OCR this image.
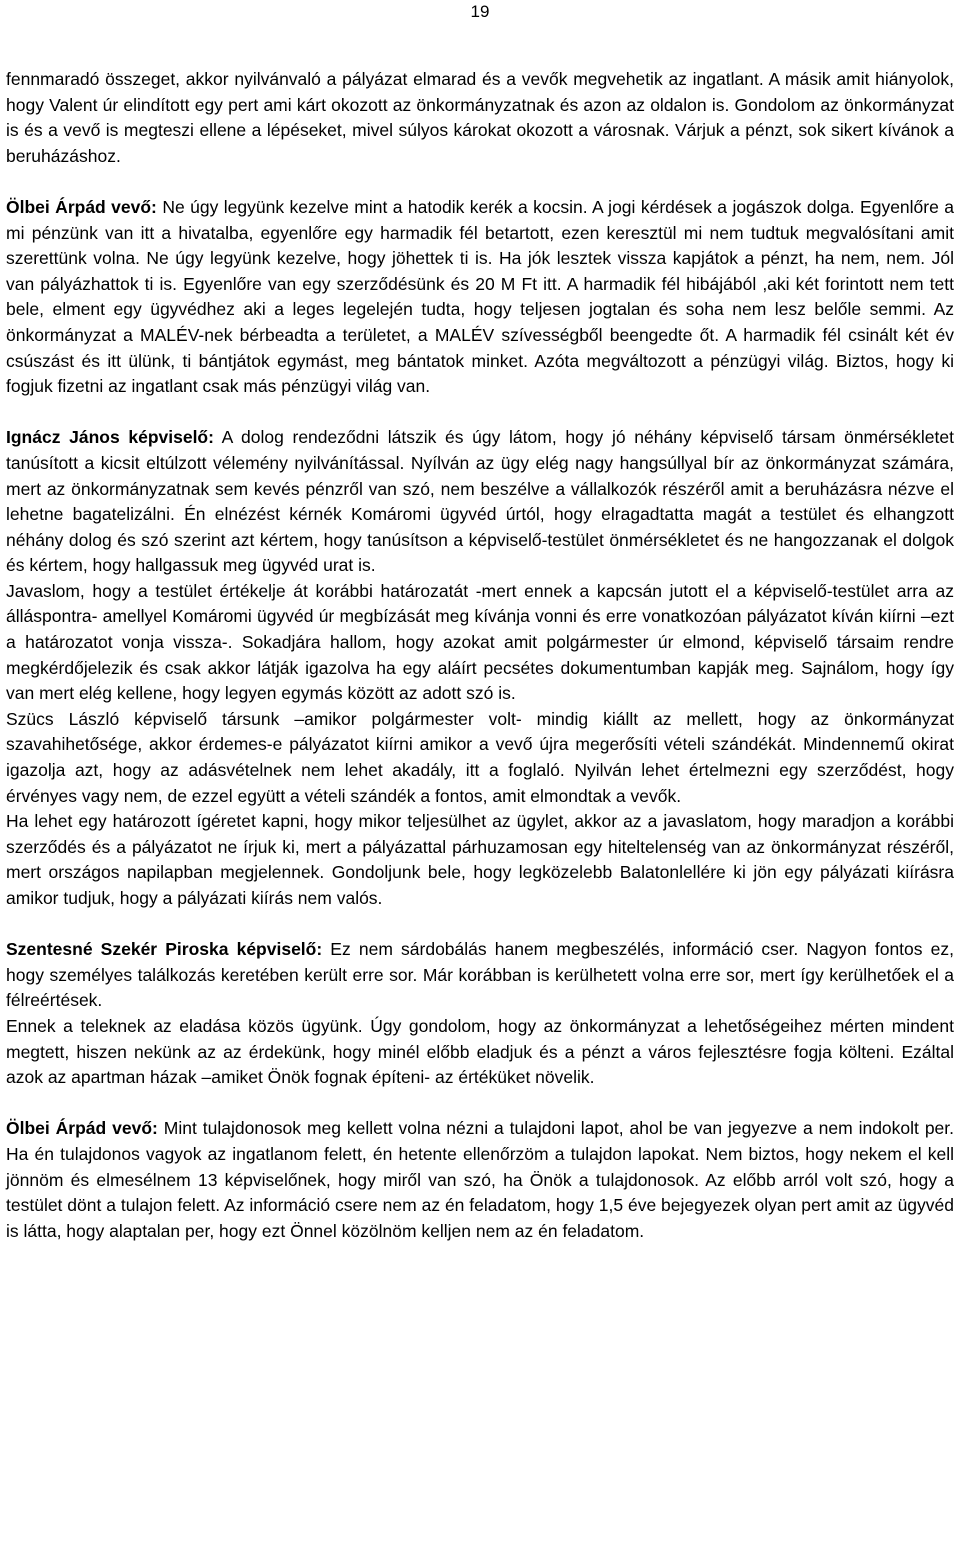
19

fennmaradó összeget, akkor nyilvánvaló a pályázat elmarad és a vevők megvehetik az ingatlant. A másik amit hiányolok, hogy Valent úr elindított egy pert ami kárt okozott az önkormányzatnak és azon az oldalon is. Gondolom az önkormányzat is és a vevő is megteszi ellene a lépéseket, mivel súlyos károkat okozott a városnak. Várjuk a pénzt, sok sikert kívánok a beruházáshoz.

Ölbei Árpád vevő: Ne úgy legyünk kezelve mint a hatodik kerék a kocsin. A jogi kérdések a jogászok dolga. Egyenlőre a mi pénzünk van itt a hivatalba, egyenlőre egy harmadik fél betartott, ezen keresztül mi nem tudtuk megvalósítani amit szerettünk volna. Ne úgy legyünk kezelve, hogy jöhettek ti is. Ha jók lesztek vissza kapjátok a pénzt, ha nem, nem. Jól van pályázhattok ti is. Egyenlőre van egy szerződésünk és 20 M Ft itt. A harmadik fél hibájából ,aki két forintott nem tett bele, elment egy ügyvédhez aki a leges legelején tudta, hogy teljesen jogtalan és soha nem lesz belőle semmi. Az önkormányzat a MALÉV-nek bérbeadta a területet, a MALÉV szívességből beengedte őt. A harmadik fél csinált két év csúszást és itt ülünk, ti bántjátok egymást, meg bántatok minket. Azóta megváltozott a pénzügyi világ. Biztos, hogy ki fogjuk fizetni az ingatlant csak más pénzügyi világ van.

Ignácz János képviselő: A dolog rendeződni látszik és úgy látom, hogy jó néhány képviselő társam önmérsékletet tanúsított a kicsit eltúlzott vélemény nyilvánítással. Nyílván az ügy elég nagy hangsúllyal bír az önkormányzat számára, mert az önkormányzatnak sem kevés pénzről van szó, nem beszélve a vállalkozók részéről amit a beruházásra nézve el lehetne bagatelizálni. Én elnézést kérnék Komáromi ügyvéd úrtól, hogy elragadtatta magát a testület és elhangzott néhány dolog és szó szerint azt kértem, hogy tanúsítson a képviselő-testület önmérsékletet és ne hangozzanak el dolgok és kértem, hogy hallgassuk meg ügyvéd urat is.

Javaslom, hogy a testület értékelje át korábbi határozatát -mert ennek a kapcsán jutott el a képviselő-testület arra az álláspontra- amellyel Komáromi ügyvéd úr megbízását meg kívánja vonni és erre vonatkozóan pályázatot kíván kiírni –ezt a határozatot vonja vissza-. Sokadjára hallom, hogy azokat amit polgármester úr elmond, képviselő társaim rendre megkérdőjelezik és csak akkor látják igazolva ha egy aláírt pecsétes dokumentumban kapják meg. Sajnálom, hogy így van mert elég kellene, hogy legyen egymás között az adott szó is.

Szücs László képviselő társunk –amikor polgármester volt- mindig kiállt az mellett, hogy az önkormányzat szavahihetősége, akkor érdemes-e pályázatot kiírni amikor a vevő újra megerősíti vételi szándékát. Mindennemű okirat igazolja azt, hogy az adásvételnek nem lehet akadály, itt a foglaló. Nyilván lehet értelmezni egy szerződést, hogy érvényes vagy nem, de ezzel együtt a vételi szándék a fontos, amit elmondtak a vevők.

Ha lehet egy határozott ígéretet kapni, hogy mikor teljesülhet az ügylet, akkor az a javaslatom, hogy maradjon a korábbi szerződés és a pályázatot ne írjuk ki, mert a pályázattal párhuzamosan egy hiteltelenség van az önkormányzat részéről, mert országos napilapban megjelennek. Gondoljunk bele, hogy legközelebb Balatonlellére ki jön egy pályázati kiírásra amikor tudjuk, hogy a pályázati kiírás nem valós.

Szentesné Szekér Piroska képviselő: Ez nem sárdobálás hanem megbeszélés, információ cser. Nagyon fontos ez, hogy személyes találkozás keretében került erre sor. Már korábban is kerülhetett volna erre sor, mert így kerülhetőek el a félreértések.

Ennek a teleknek az eladása közös ügyünk. Úgy gondolom, hogy az önkormányzat a lehetőségeihez mérten mindent megtett, hiszen nekünk az az érdekünk, hogy minél előbb eladjuk és a pénzt a város fejlesztésre fogja költeni. Ezáltal azok az apartman házak –amiket Önök fognak építeni- az értéküket növelik.

Ölbei Árpád vevő: Mint tulajdonosok meg kellett volna nézni a tulajdoni lapot, ahol be van jegyezve a nem indokolt per. Ha én tulajdonos vagyok az ingatlanom felett, én hetente ellenőrzöm a tulajdon lapokat. Nem biztos, hogy nekem el kell jönnöm és elmesélnem 13 képviselőnek, hogy miről van szó, ha Önök a tulajdonosok. Az előbb arról volt szó, hogy a testület dönt a tulajon felett. Az információ csere nem az én feladatom, hogy 1,5 éve bejegyezek olyan pert amit az ügyvéd is látta, hogy alaptalan per, hogy ezt Önnel közölnöm kelljen nem az én feladatom.
